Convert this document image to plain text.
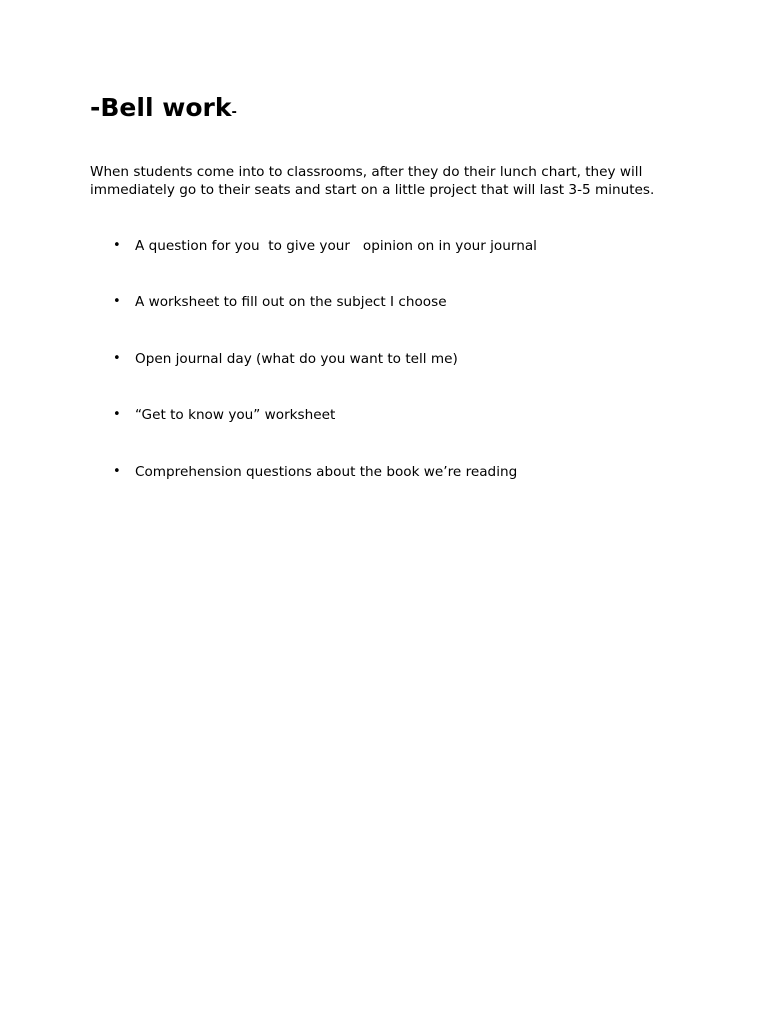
-Bell work-

When students come into to classrooms, after they do their lunch chart, they will immediately go to their seats and start on a little project that will last 3-5 minutes.

•

A question for you  to give your   opinion on in your journal

•

A worksheet to fill out on the subject I choose

•

Open journal day (what do you want to tell me)

•

“Get to know you” worksheet

•

Comprehension questions about the book we’re reading
